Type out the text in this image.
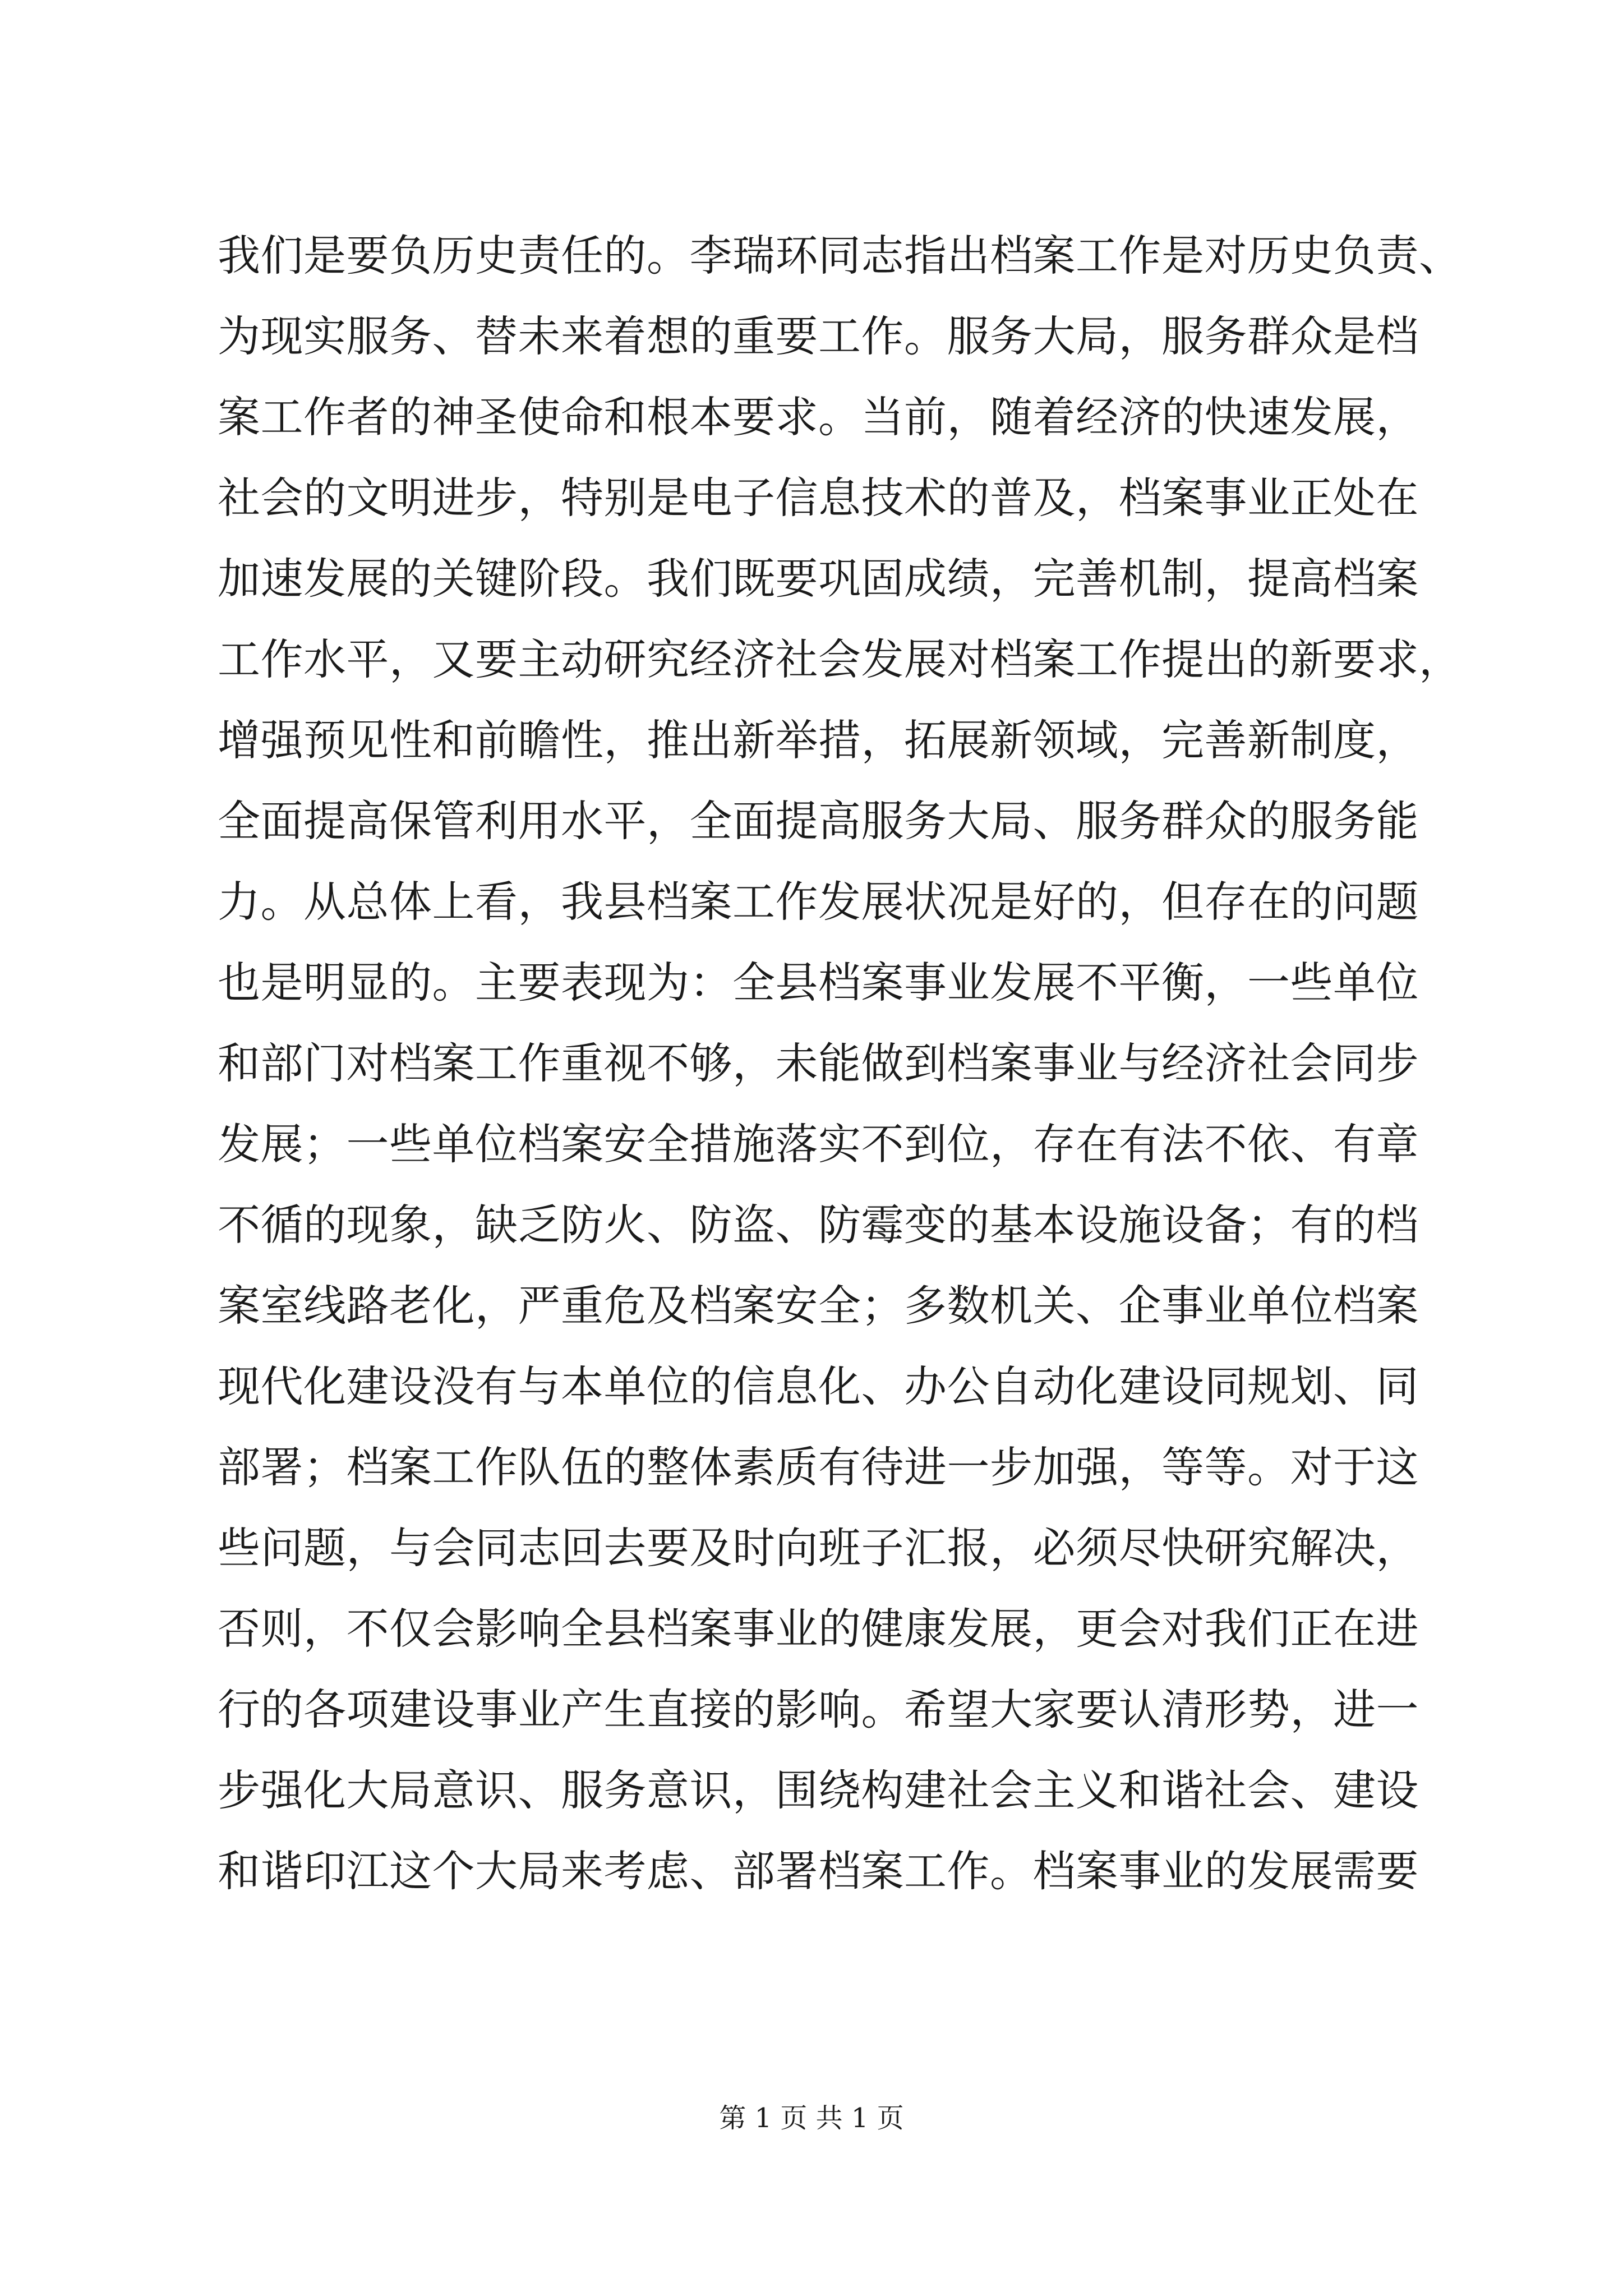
我们是要负历史责任的。李瑞环同志指出档案工作是对历史负责、
为现实服务、替未来着想的重要工作。服务大局，服务群众是档
案工作者的神圣使命和根本要求。当前，随着经济的快速发展，
社会的文明进步，特别是电子信息技术的普及，档案事业正处在
加速发展的关键阶段。我们既要巩固成绩，完善机制，提高档案
工作水平，又要主动研究经济社会发展对档案工作提出的新要求，
增强预见性和前瞻性，推出新举措，拓展新领域，完善新制度，
全面提高保管利用水平，全面提高服务大局、服务群众的服务能
力。从总体上看，我县档案工作发展状况是好的，但存在的问题
也是明显的。主要表现为：全县档案事业发展不平衡，一些单位
和部门对档案工作重视不够，未能做到档案事业与经济社会同步
发展；一些单位档案安全措施落实不到位，存在有法不依、有章
不循的现象，缺乏防火、防盗、防霉变的基本设施设备；有的档
案室线路老化，严重危及档案安全；多数机关、企事业单位档案
现代化建设没有与本单位的信息化、办公自动化建设同规划、同
部署；档案工作队伍的整体素质有待进一步加强，等等。对于这
些问题，与会同志回去要及时向班子汇报，必须尽快研究解决，
否则，不仅会影响全县档案事业的健康发展，更会对我们正在进
行的各项建设事业产生直接的影响。希望大家要认清形势，进一
步强化大局意识、服务意识，围绕构建社会主义和谐社会、建设
和谐印江这个大局来考虑、部署档案工作。档案事业的发展需要
第 1 页 共 1 页
